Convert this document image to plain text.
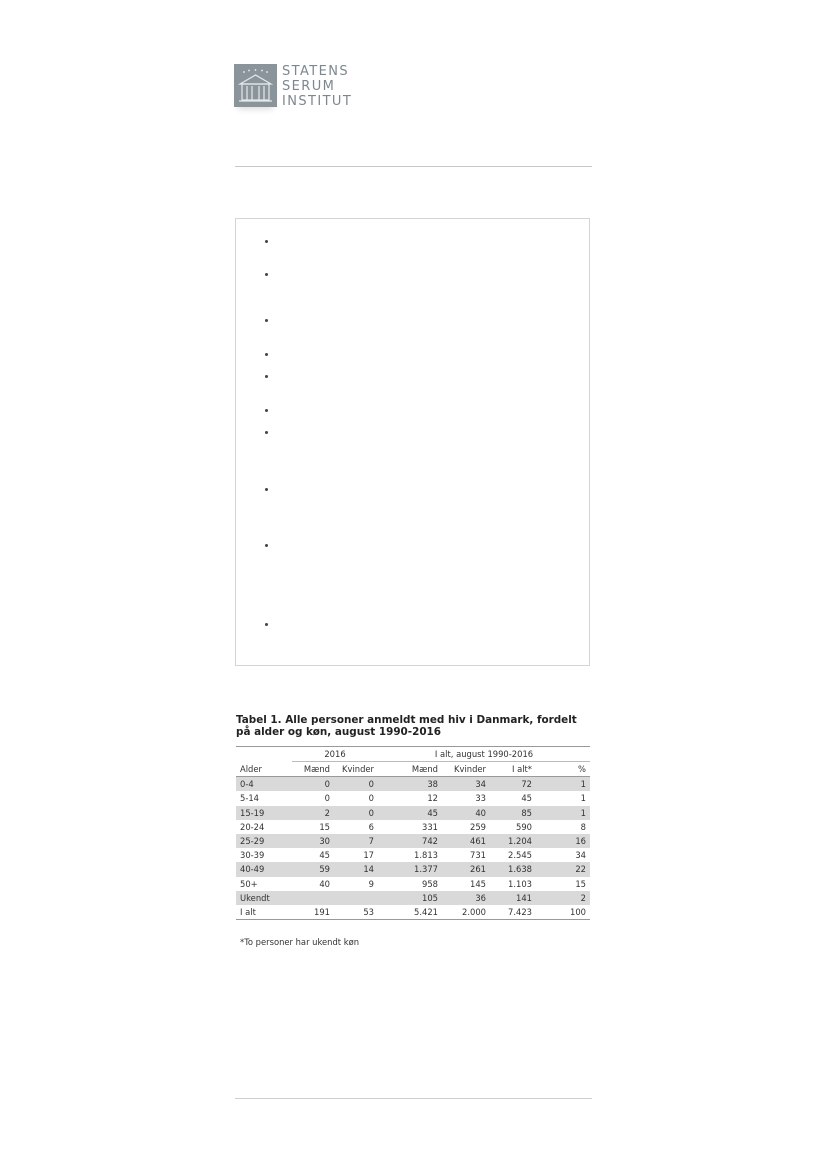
STATENS
SERUM
INSTITUT
Tabel 1. Alle personer anmeldt med hiv i Danmark, fordelt på alder og køn, august 1990-2016
	2016		I alt, august 1990-2016			
Alder	Mænd	Kvinder	Mænd	Kvinder	I alt*	%
0-4	0	0	38	34	72	1
5-14	0	0	12	33	45	1
15-19	2	0	45	40	85	1
20-24	15	6	331	259	590	8
25-29	30	7	742	461	1.204	16
30-39	45	17	1.813	731	2.545	34
40-49	59	14	1.377	261	1.638	22
50+	40	9	958	145	1.103	15
Ukendt			105	36	141	2
I alt	191	53	5.421	2.000	7.423	100
*To personer har ukendt køn
